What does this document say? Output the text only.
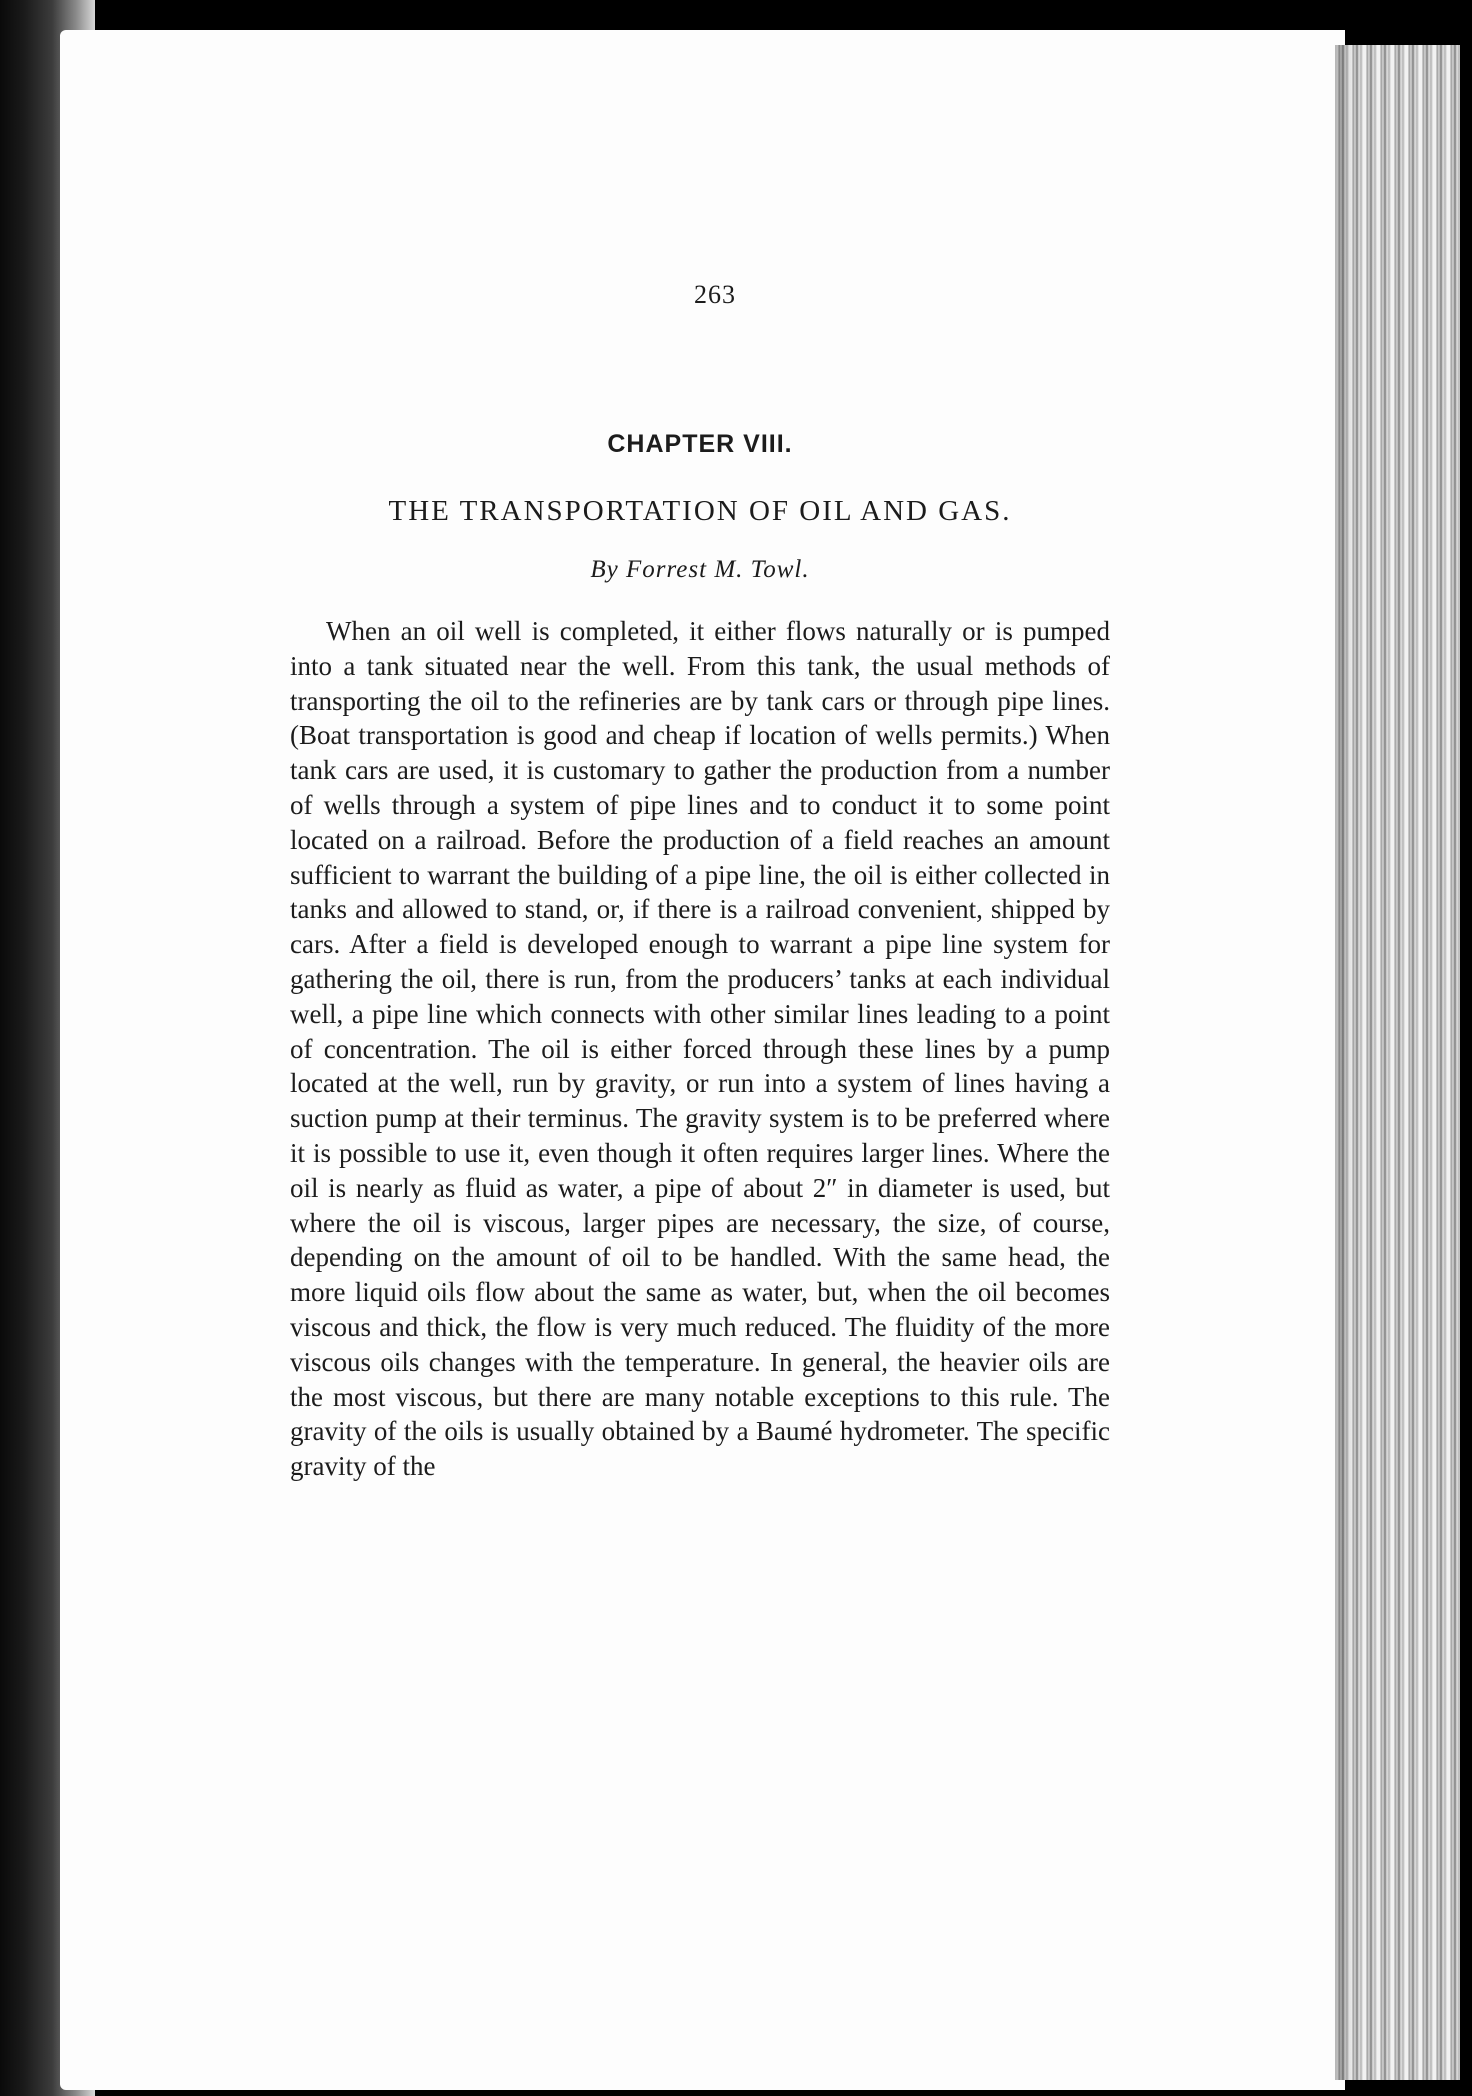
263
CHAPTER VIII.
THE TRANSPORTATION OF OIL AND GAS.
By Forrest M. Towl.

When an oil well is completed, it either flows naturally or is pumped into a tank situated near the well. From this tank, the usual methods of transporting the oil to the refineries are by tank cars or through pipe lines. (Boat transportation is good and cheap if location of wells permits.) When tank cars are used, it is customary to gather the production from a number of wells through a system of pipe lines and to conduct it to some point located on a railroad. Before the production of a field reaches an amount sufficient to warrant the building of a pipe line, the oil is either collected in tanks and allowed to stand, or, if there is a railroad convenient, shipped by cars. After a field is developed enough to warrant a pipe line system for gathering the oil, there is run, from the producers’ tanks at each individual well, a pipe line which connects with other similar lines leading to a point of concentration. The oil is either forced through these lines by a pump located at the well, run by gravity, or run into a system of lines having a suction pump at their terminus. The gravity system is to be preferred where it is possible to use it, even though it often requires larger lines. Where the oil is nearly as fluid as water, a pipe of about 2″ in diameter is used, but where the oil is viscous, larger pipes are necessary, the size, of course, depending on the amount of oil to be handled. With the same head, the more liquid oils flow about the same as water, but, when the oil becomes viscous and thick, the flow is very much reduced. The fluidity of the more viscous oils changes with the temperature. In general, the heavier oils are the most viscous, but there are many notable exceptions to this rule. The gravity of the oils is usually obtained by a Baumé hydrometer. The specific gravity of the
